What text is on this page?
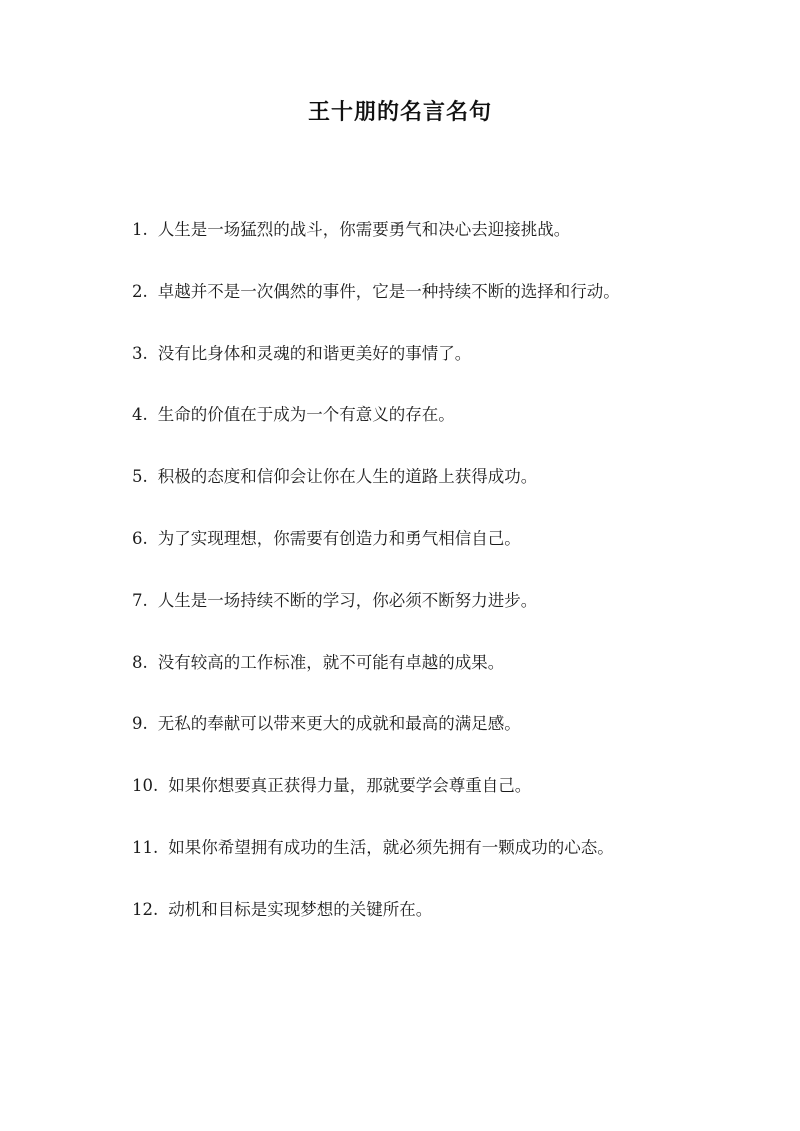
王十朋的名言名句
1. 人生是一场猛烈的战斗，你需要勇气和决心去迎接挑战。
2. 卓越并不是一次偶然的事件，它是一种持续不断的选择和行动。
3. 没有比身体和灵魂的和谐更美好的事情了。
4. 生命的价值在于成为一个有意义的存在。
5. 积极的态度和信仰会让你在人生的道路上获得成功。
6. 为了实现理想，你需要有创造力和勇气相信自己。
7. 人生是一场持续不断的学习，你必须不断努力进步。
8. 没有较高的工作标准，就不可能有卓越的成果。
9. 无私的奉献可以带来更大的成就和最高的满足感。
10. 如果你想要真正获得力量，那就要学会尊重自己。
11. 如果你希望拥有成功的生活，就必须先拥有一颗成功的心态。
12. 动机和目标是实现梦想的关键所在。
